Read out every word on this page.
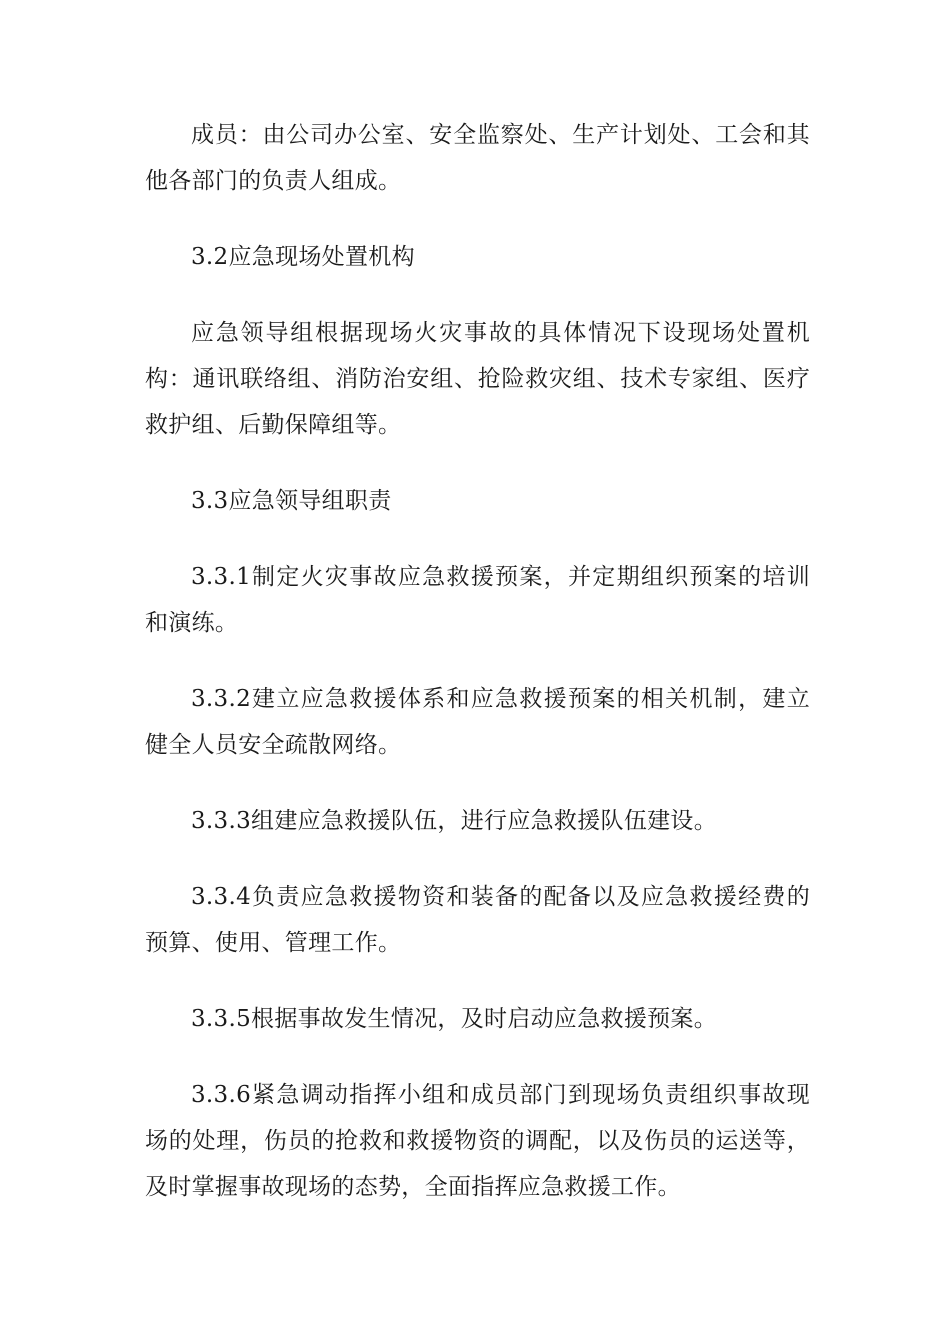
成员：由公司办公室、安全监察处、生产计划处、工会和其他各部门的负责人组成。

3.2应急现场处置机构

应急领导组根据现场火灾事故的具体情况下设现场处置机构：通讯联络组、消防治安组、抢险救灾组、技术专家组、医疗救护组、后勤保障组等。

3.3应急领导组职责

3.3.1制定火灾事故应急救援预案，并定期组织预案的培训和演练。

3.3.2建立应急救援体系和应急救援预案的相关机制，建立健全人员安全疏散网络。

3.3.3组建应急救援队伍，进行应急救援队伍建设。

3.3.4负责应急救援物资和装备的配备以及应急救援经费的预算、使用、管理工作。

3.3.5根据事故发生情况，及时启动应急救援预案。

3.3.6紧急调动指挥小组和成员部门到现场负责组织事故现场的处理，伤员的抢救和救援物资的调配，以及伤员的运送等，及时掌握事故现场的态势，全面指挥应急救援工作。
